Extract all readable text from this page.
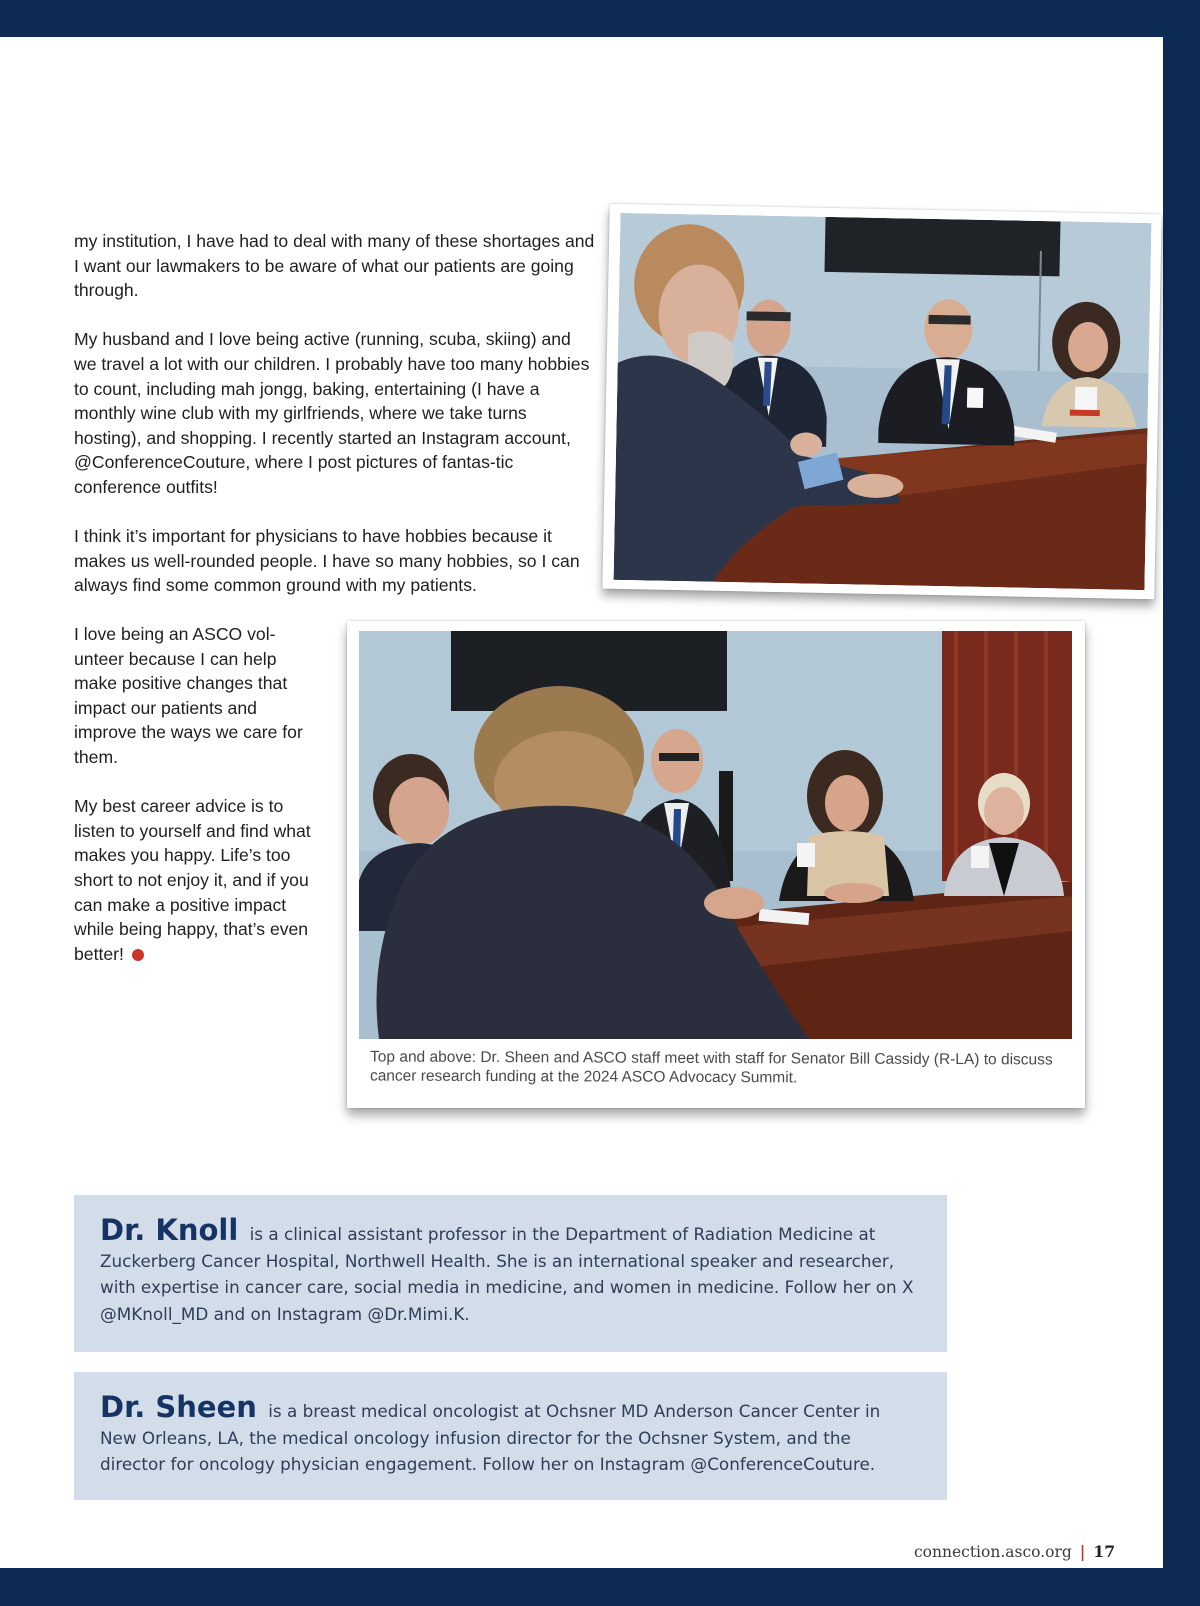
my institution, I have had to deal with many of these shortages and I want our lawmakers to be aware of what our patients are going through.

My husband and I love being active (running, scuba, skiing) and we travel a lot with our children. I probably have too many hobbies to count, including mah jongg, baking, entertaining (I have a monthly wine club with my girlfriends, where we take turns hosting), and shopping. I recently started an Instagram account, @ConferenceCouture, where I post pictures of fantas-tic conference outfits!

I think it’s important for physicians to have hobbies because it makes us well-rounded people. I have so many hobbies, so I can always find some common ground with my patients.

I love being an ASCO vol-unteer because I can help make positive changes that impact our patients and improve the ways we care for them.

My best career advice is to listen to yourself and find what makes you happy. Life’s too short to not enjoy it, and if you can make a positive impact while being happy, that’s even better!

Top and above: Dr. Sheen and ASCO staff meet with staff for Senator Bill Cassidy (R-LA) to discuss cancer research funding at the 2024 ASCO Advocacy Summit.
Dr. Knoll is a clinical assistant professor in the Department of Radiation Medicine at Zuckerberg Cancer Hospital, Northwell Health. She is an international speaker and researcher, with expertise in cancer care, social media in medicine, and women in medicine. Follow her on X @MKnoll_MD and on Instagram @Dr.Mimi.K.
Dr. Sheen is a breast medical oncologist at Ochsner MD Anderson Cancer Center in New Orleans, LA, the medical oncology infusion director for the Ochsner System, and the director for oncology physician engagement. Follow her on Instagram @ConferenceCouture.
connection.asco.org | 17
